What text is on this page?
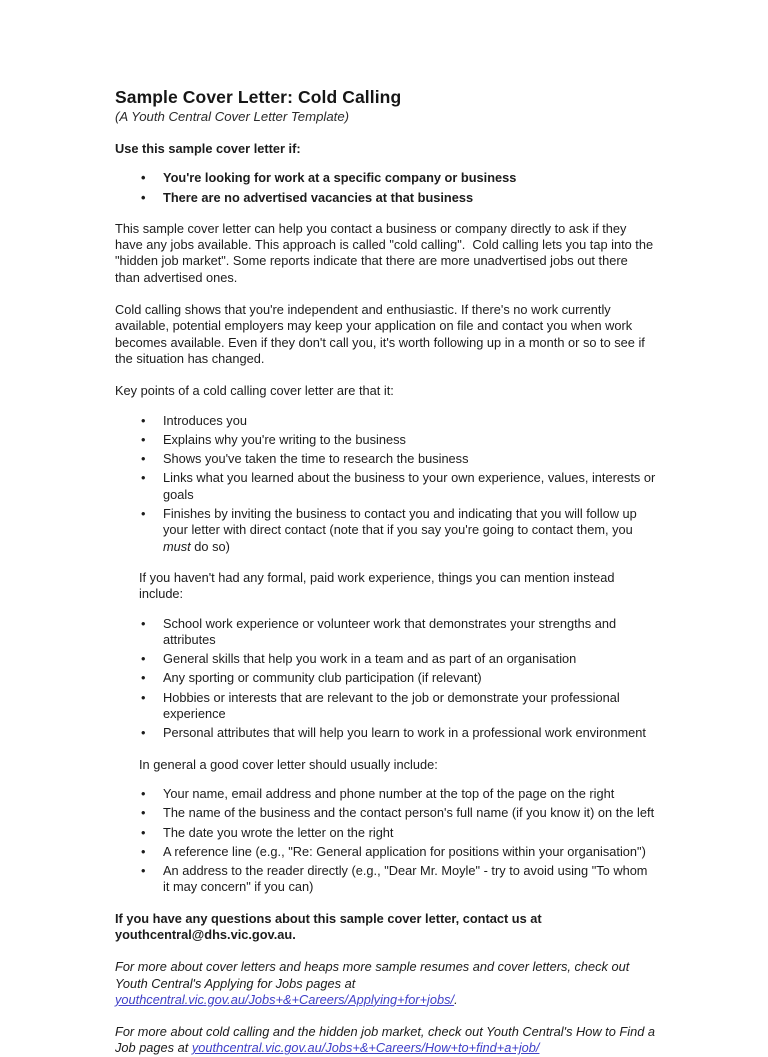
Sample Cover Letter: Cold Calling

(A Youth Central Cover Letter Template)

Use this sample cover letter if:

•	You're looking for work at a specific company or business
•	There are no advertised vacancies at that business

This sample cover letter can help you contact a business or company directly to ask if they have any jobs available. This approach is called "cold calling".  Cold calling lets you tap into the "hidden job market". Some reports indicate that there are more unadvertised jobs out there than advertised ones.

Cold calling shows that you're independent and enthusiastic. If there's no work currently available, potential employers may keep your application on file and contact you when work becomes available. Even if they don't call you, it's worth following up in a month or so to see if the situation has changed.

Key points of a cold calling cover letter are that it:

•	Introduces you
•	Explains why you're writing to the business
•	Shows you've taken the time to research the business
•	Links what you learned about the business to your own experience, values, interests or goals
•	Finishes by inviting the business to contact you and indicating that you will follow up your letter with direct contact (note that if you say you're going to contact them, you must do so)

If you haven't had any formal, paid work experience, things you can mention instead include:

•	School work experience or volunteer work that demonstrates your strengths and attributes
•	General skills that help you work in a team and as part of an organisation
•	Any sporting or community club participation (if relevant)
•	Hobbies or interests that are relevant to the job or demonstrate your professional experience
•	Personal attributes that will help you learn to work in a professional work environment

In general a good cover letter should usually include:

•	Your name, email address and phone number at the top of the page on the right
•	The name of the business and the contact person's full name (if you know it) on the left
•	The date you wrote the letter on the right
•	A reference line (e.g., "Re: General application for positions within your organisation")
•	An address to the reader directly (e.g., "Dear Mr. Moyle" - try to avoid using "To whom it may concern" if you can)

If you have any questions about this sample cover letter, contact us at youthcentral@dhs.vic.gov.au.

For more about cover letters and heaps more sample resumes and cover letters, check out Youth Central's Applying for Jobs pages at youthcentral.vic.gov.au/Jobs+&+Careers/Applying+for+jobs/.

For more about cold calling and the hidden job market, check out Youth Central's How to Find a Job pages at youthcentral.vic.gov.au/Jobs+&+Careers/How+to+find+a+job/
